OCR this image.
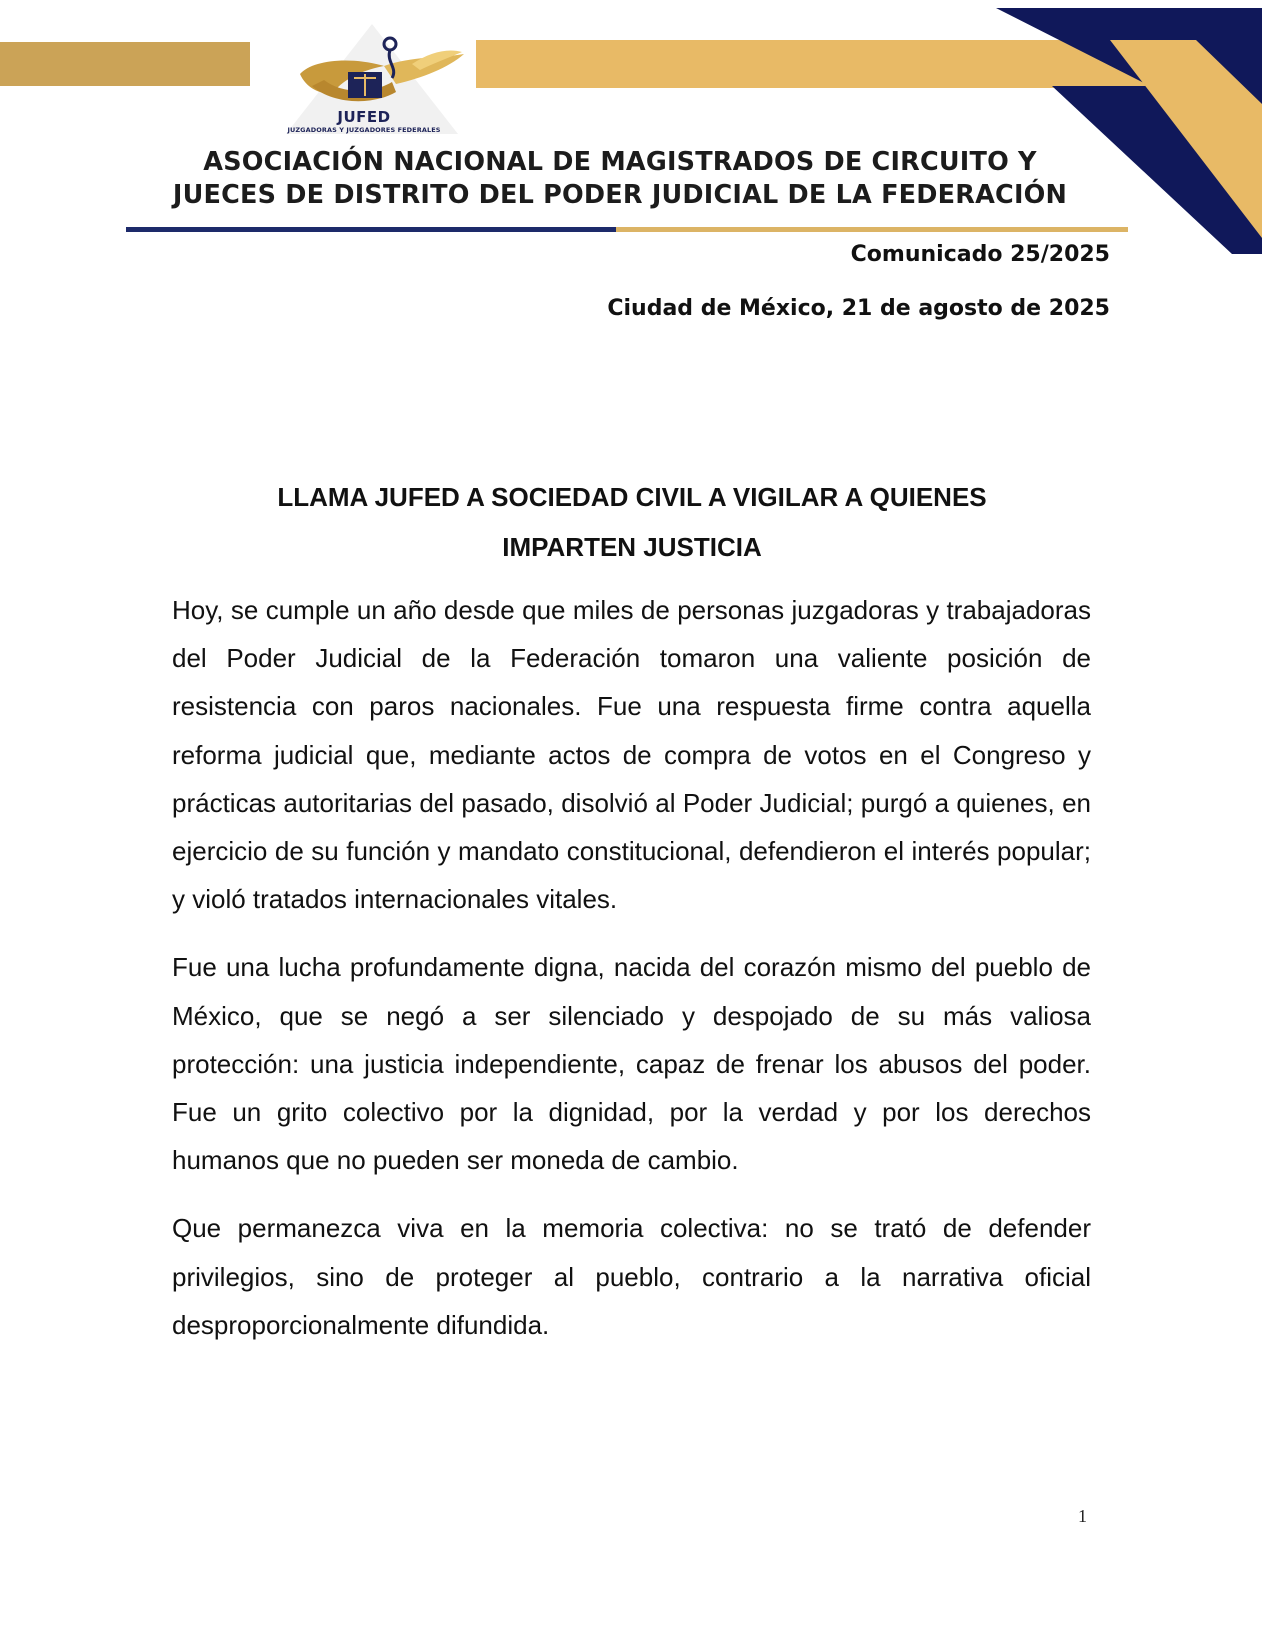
JUFED
JUZGADORAS Y JUZGADORES FEDERALES
ASOCIACIÓN NACIONAL DE MAGISTRADOS DE CIRCUITO Y
JUECES DE DISTRITO DEL PODER JUDICIAL DE LA FEDERACIÓN
Comunicado 25/2025
Ciudad de México, 21 de agosto de 2025
LLAMA JUFED A SOCIEDAD CIVIL A VIGILAR A QUIENES
IMPARTEN JUSTICIA

Hoy, se cumple un año desde que miles de personas juzgadoras y trabajadoras del Poder Judicial de la Federación tomaron una valiente posición de resistencia con paros nacionales. Fue una respuesta firme contra aquella reforma judicial que, mediante actos de compra de votos en el Congreso y prácticas autoritarias del pasado, disolvió al Poder Judicial; purgó a quienes, en ejercicio de su función y mandato constitucional, defendieron el interés popular; y violó tratados internacionales vitales.

Fue una lucha profundamente digna, nacida del corazón mismo del pueblo de México, que se negó a ser silenciado y despojado de su más valiosa protección: una justicia independiente, capaz de frenar los abusos del poder. Fue un grito colectivo por la dignidad, por la verdad y por los derechos humanos que no pueden ser moneda de cambio.

Que permanezca viva en la memoria colectiva: no se trató de defender privilegios, sino de proteger al pueblo, contrario a la narrativa oficial desproporcionalmente difundida.

1
